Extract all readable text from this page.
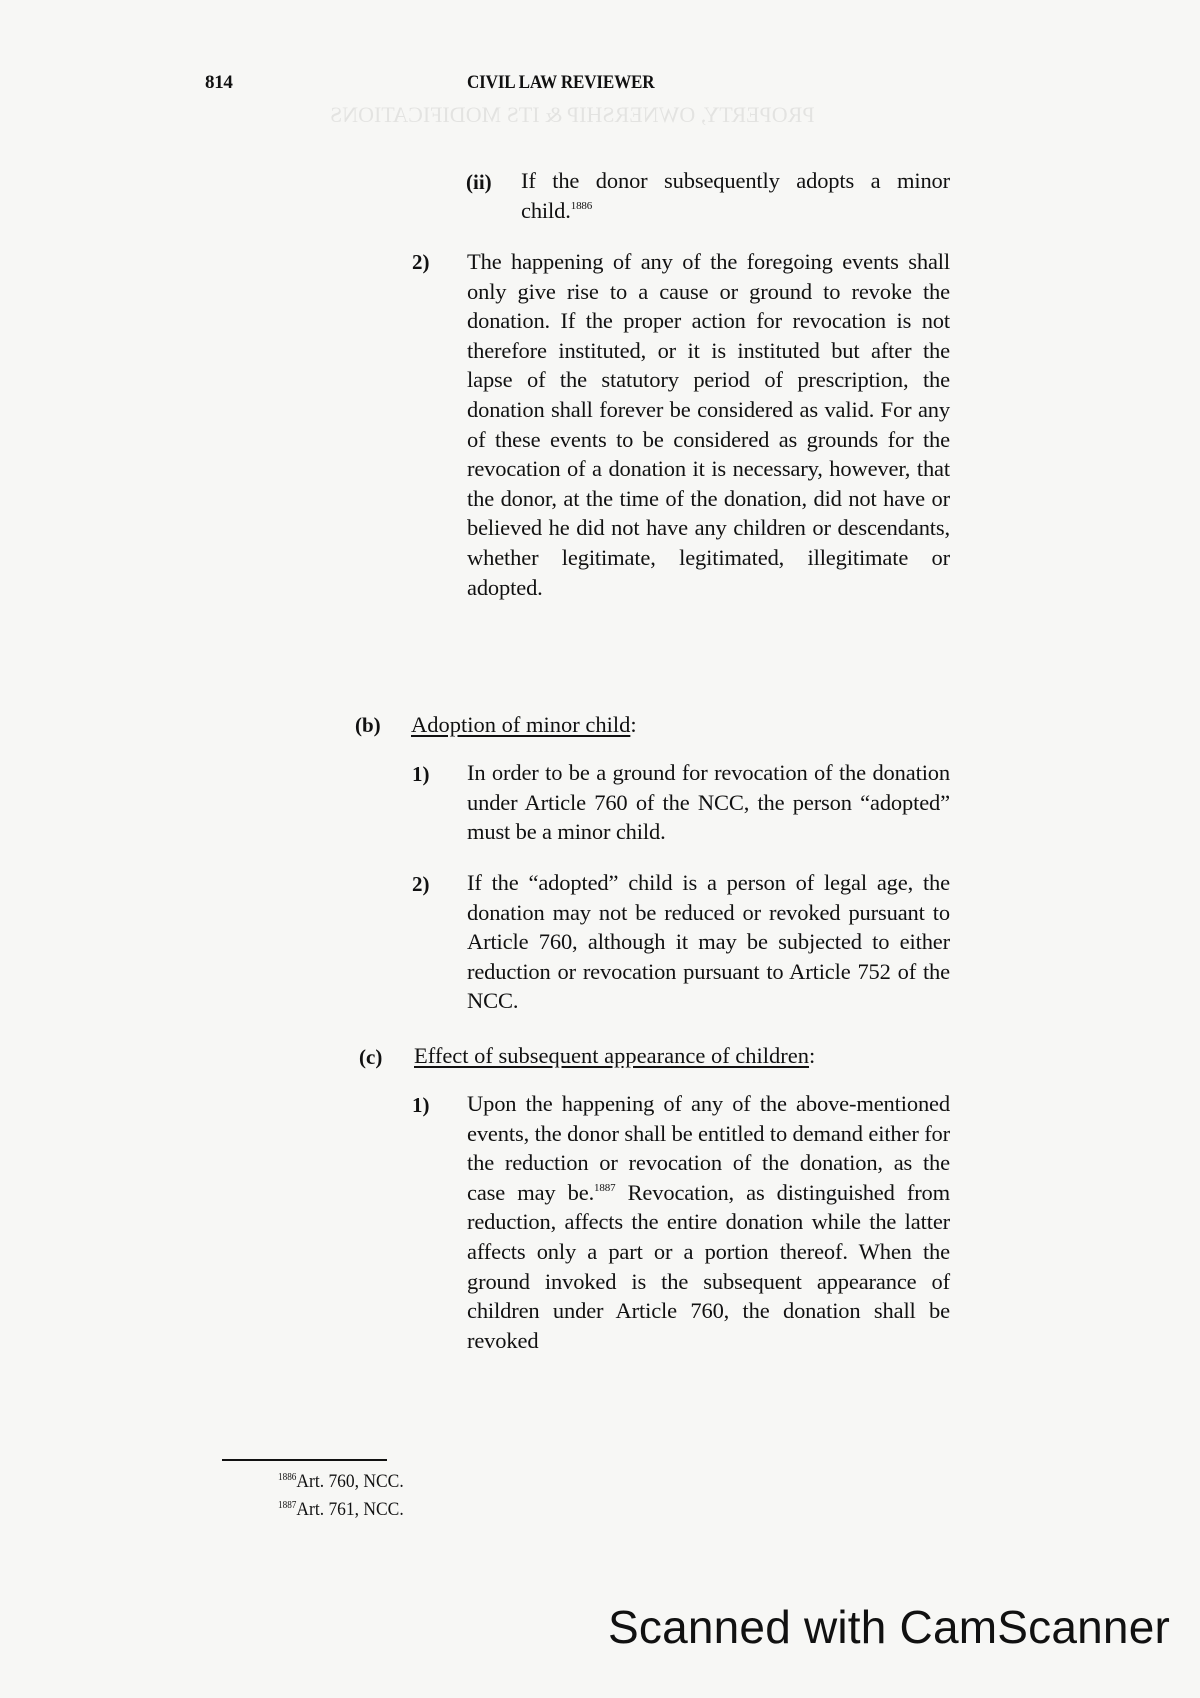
PROPERTY, OWNERSHIP & ITS MODIFICATIONS
814	CIVIL LAW REVIEWER
(ii) If the donor subsequently adopts a minor child.$^{1886}$
2) The happening of any of the foregoing events shall only give rise to a cause or ground to revoke the donation. If the proper action for revocation is not therefore instituted, or it is instituted but after the lapse of the statutory period of prescription, the donation shall forever be considered as valid. For any of these events to be considered as grounds for the revocation of a donation it is necessary, however, that the donor, at the time of the donation, did not have or believed he did not have any children or descendants, whether legitimate, legitimated, illegitimate or adopted.
(b) Adoption of minor child:
1) In order to be a ground for revocation of the donation under Article 760 of the NCC, the person “adopted” must be a minor child.
2) If the “adopted” child is a person of legal age, the donation may not be reduced or revoked pursuant to Article 760, although it may be subjected to either reduction or revocation pursuant to Article 752 of the NCC.
(c) Effect of subsequent appearance of children:
1) Upon the happening of any of the above-mentioned events, the donor shall be entitled to demand either for the reduction or revocation of the donation, as the case may be.$^{1887}$ Revocation, as distinguished from reduction, affects the entire donation while the latter affects only a part or a portion thereof. When the ground invoked is the subsequent appearance of children under Article 760, the donation shall be revoked
$^{1886}$Art. 760, NCC.
$^{1887}$Art. 761, NCC.
Scanned with CamScanner
